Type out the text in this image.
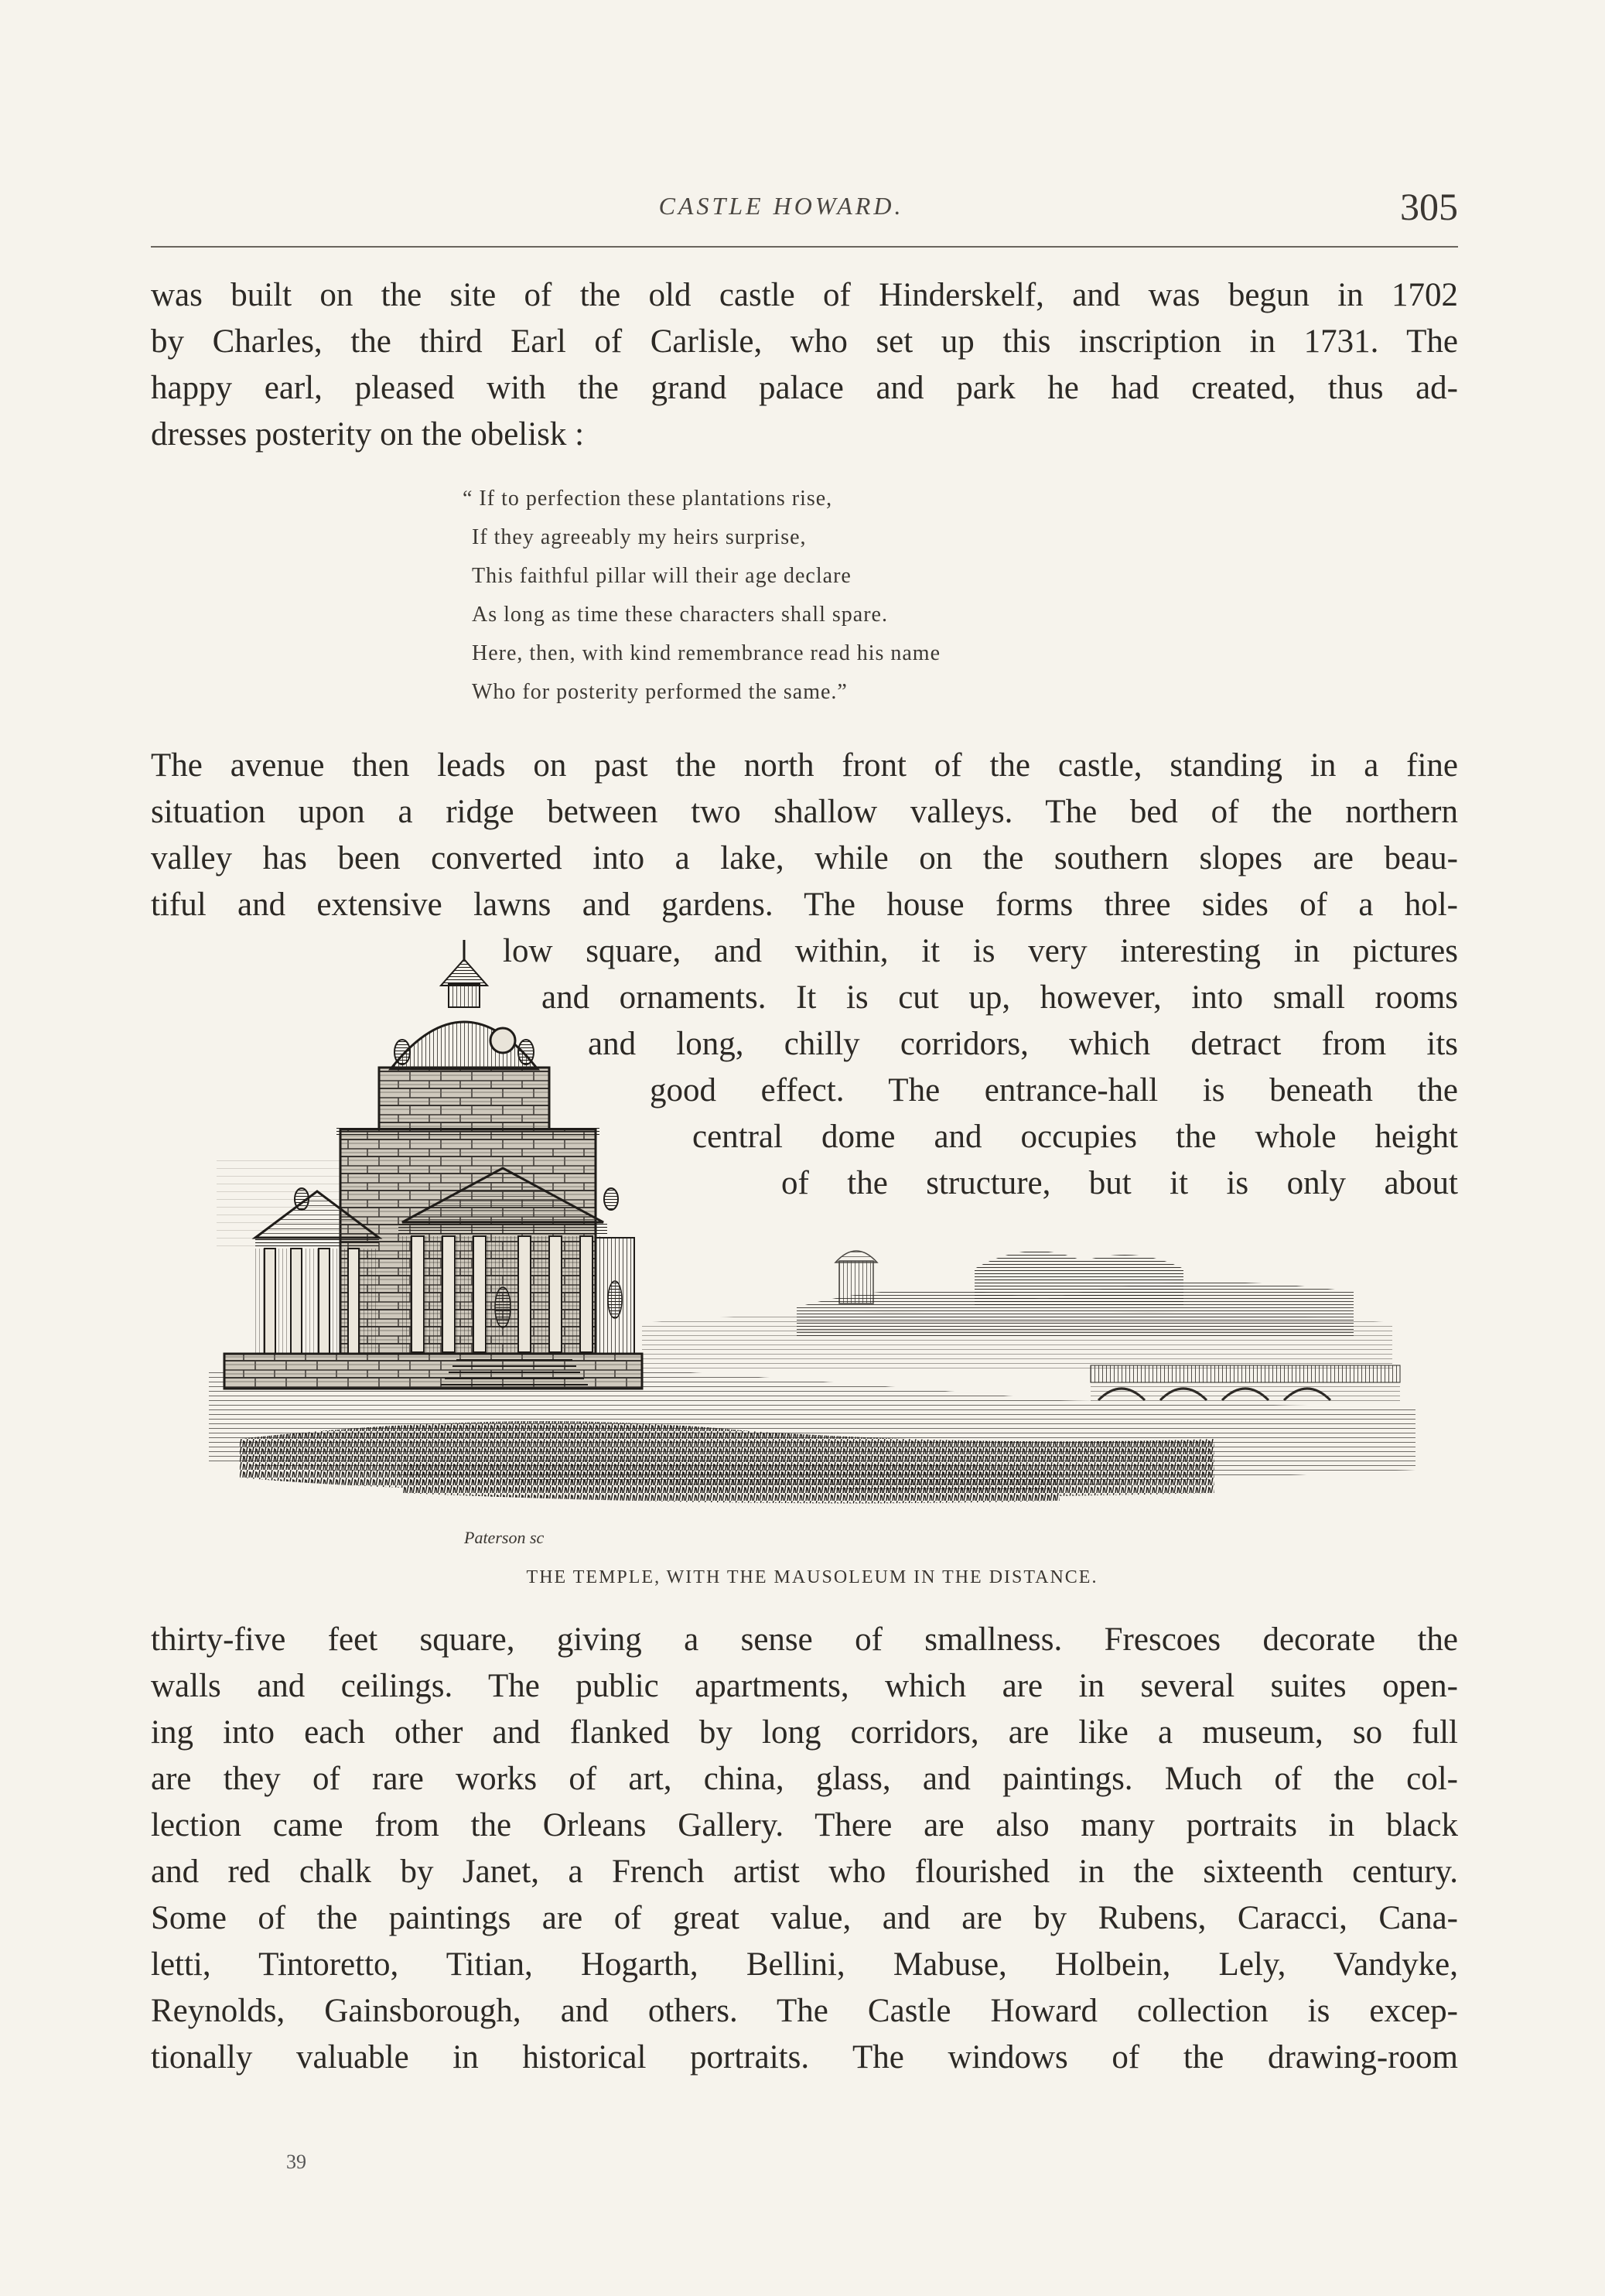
CASTLE HOWARD.	305
was built on the site of the old castle of Hinderskelf, and was begun in 1702
by Charles, the third Earl of Carlisle, who set up this inscription in 1731. The
happy earl, pleased with the grand palace and park he had created, thus ad-
dresses posterity on the obelisk :
“ If to perfection these plantations rise,
If they agreeably my heirs surprise,
This faithful pillar will their age declare
As long as time these characters shall spare.
Here, then, with kind remembrance read his name
Who for posterity performed the same.”
The avenue then leads on past the north front of the castle, standing in a fine
situation upon a ridge between two shallow valleys. The bed of the northern
valley has been converted into a lake, while on the southern slopes are beau-
tiful and extensive lawns and gardens. The house forms three sides of a hol-
low square, and within, it is very interesting in pictures
and ornaments. It is cut up, however, into small rooms
and long, chilly corridors, which detract from its
good effect. The entrance-hall is beneath the
central dome and occupies the whole height
of the structure, but it is only about
Paterson sc
THE TEMPLE, WITH THE MAUSOLEUM IN THE DISTANCE.
thirty-five feet square, giving a sense of smallness. Frescoes decorate the
walls and ceilings. The public apartments, which are in several suites open-
ing into each other and flanked by long corridors, are like a museum, so full
are they of rare works of art, china, glass, and paintings. Much of the col-
lection came from the Orleans Gallery. There are also many portraits in black
and red chalk by Janet, a French artist who flourished in the sixteenth century.
Some of the paintings are of great value, and are by Rubens, Caracci, Cana-
letti, Tintoretto, Titian, Hogarth, Bellini, Mabuse, Holbein, Lely, Vandyke,
Reynolds, Gainsborough, and others. The Castle Howard collection is excep-
tionally valuable in historical portraits. The windows of the drawing-room
39
